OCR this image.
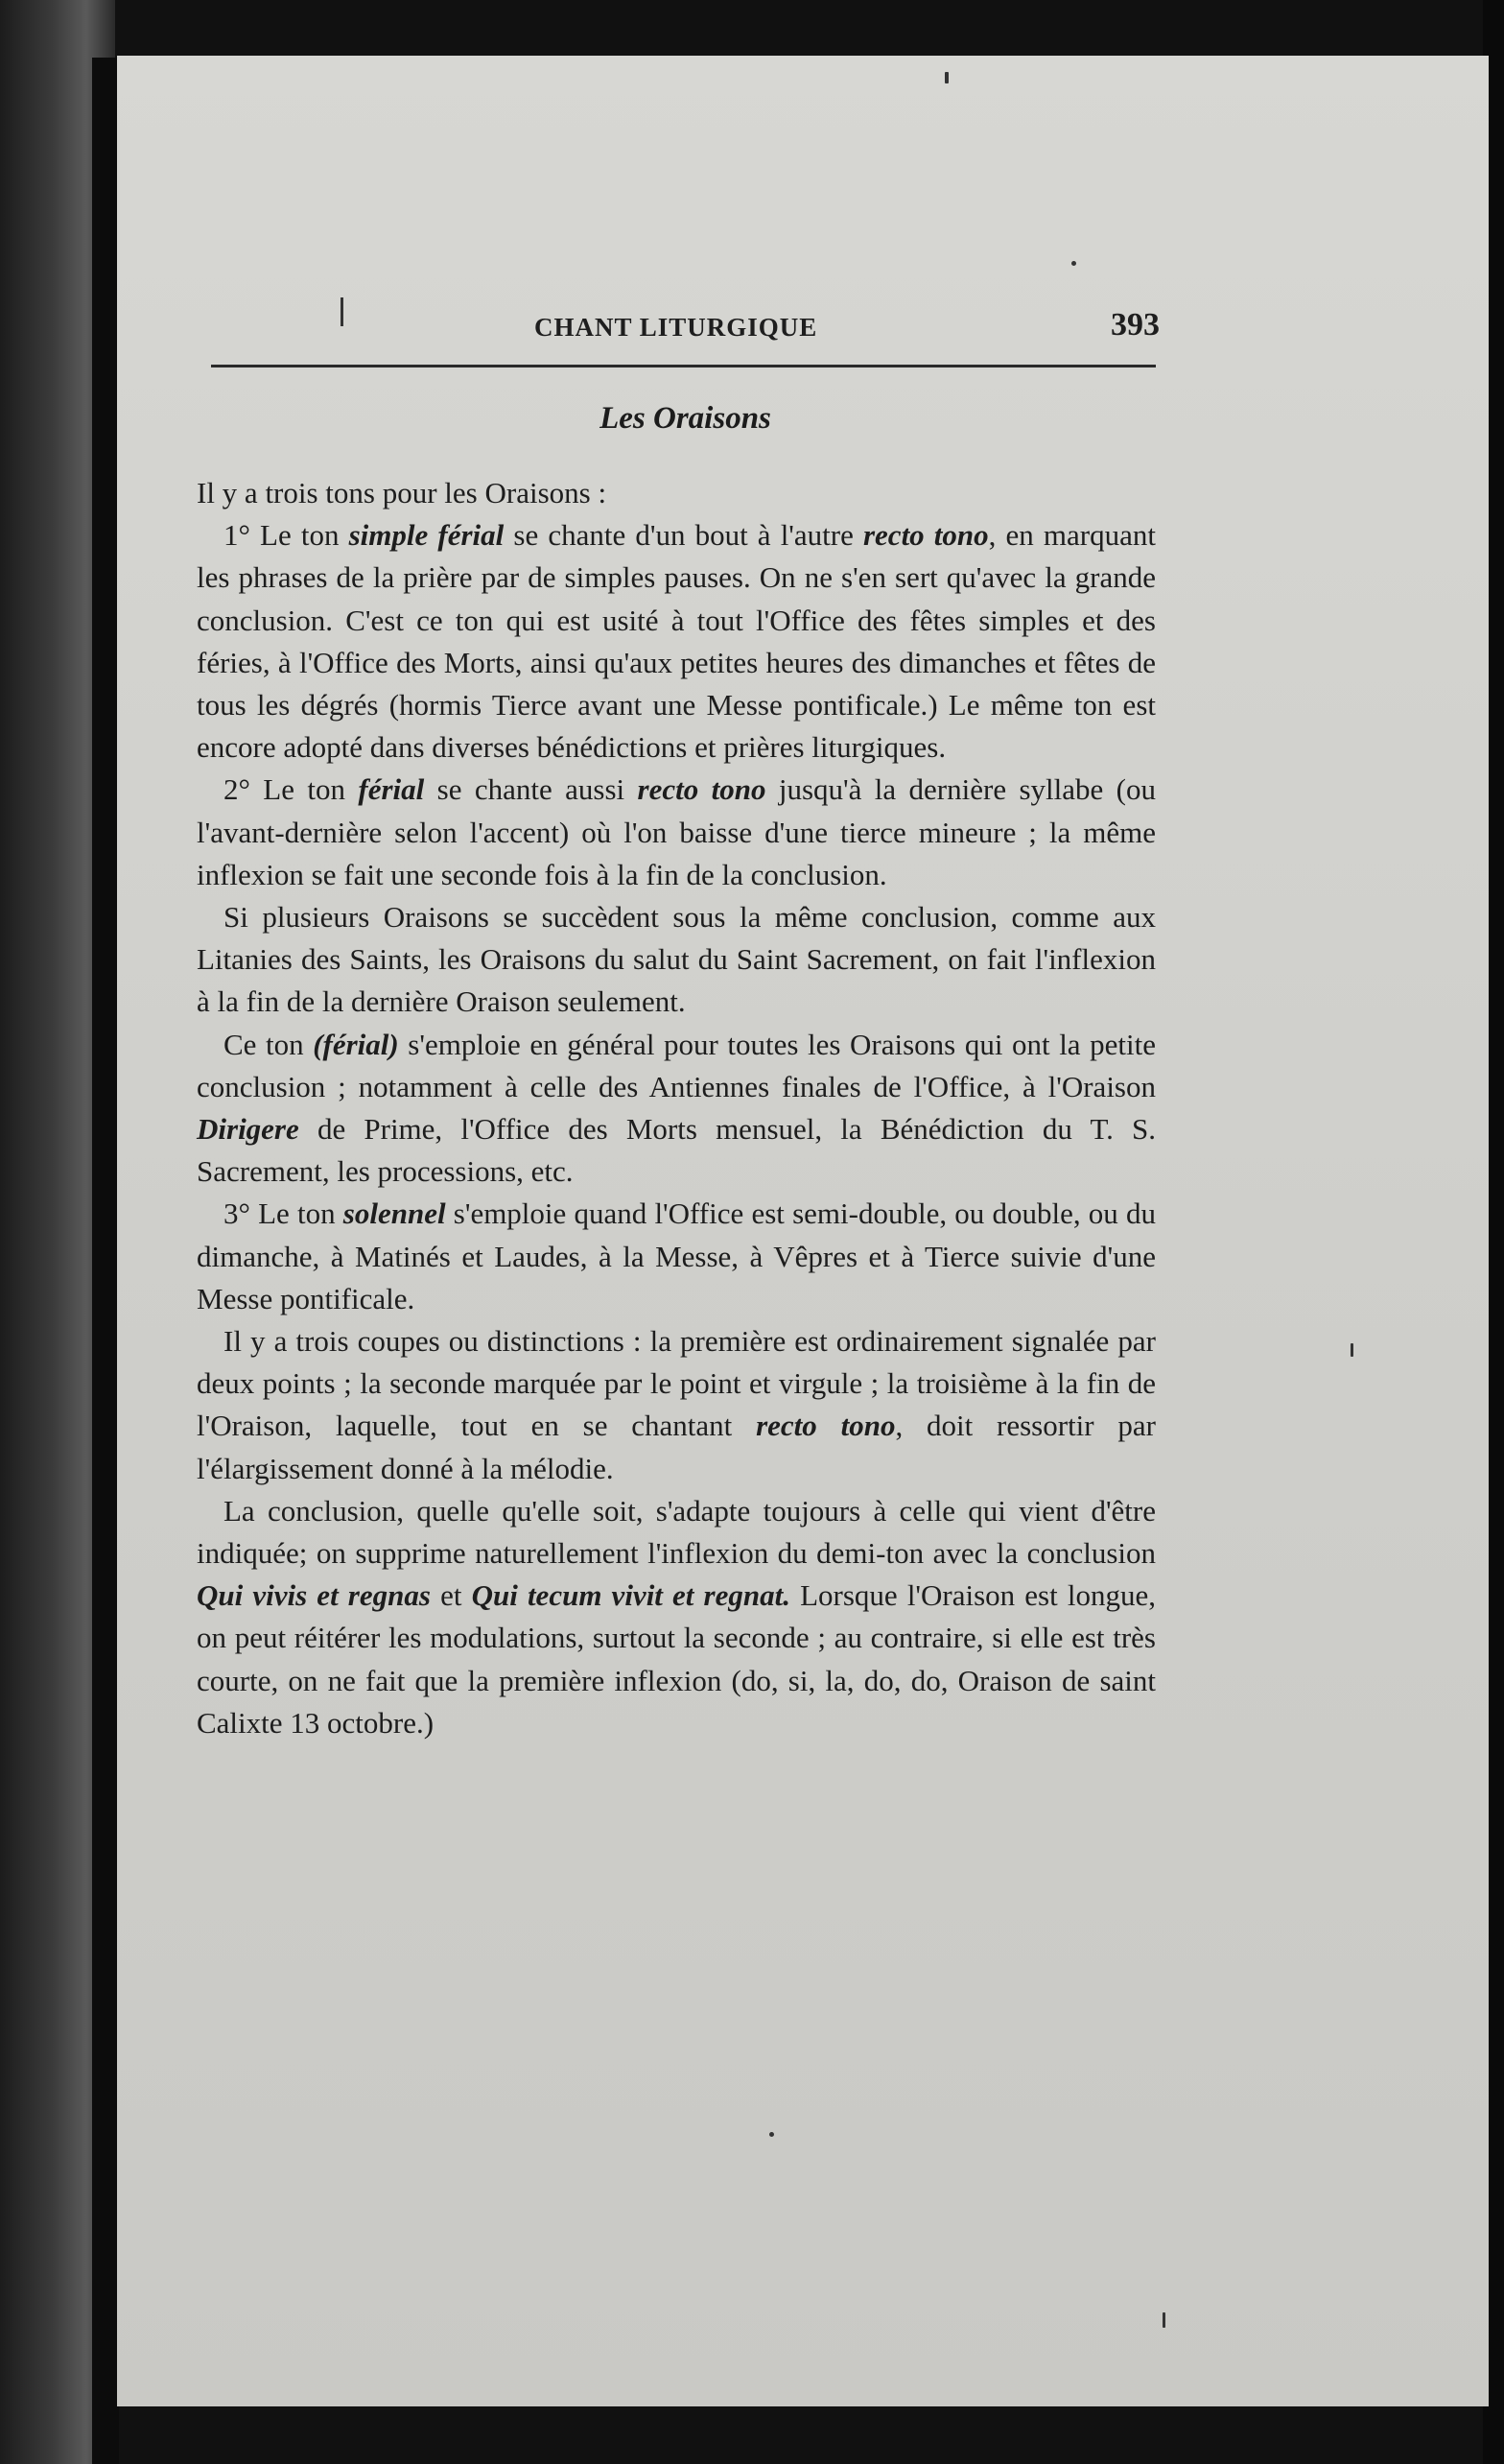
CHANT LITURGIQUE	393
Les Oraisons

Il y a trois tons pour les Oraisons :

1° Le ton simple férial se chante d'un bout à l'autre recto tono, en marquant les phrases de la prière par de simples pauses. On ne s'en sert qu'avec la grande conclusion. C'est ce ton qui est usité à tout l'Office des fêtes simples et des féries, à l'Office des Morts, ainsi qu'aux petites heures des dimanches et fêtes de tous les dégrés (hormis Tierce avant une Messe pontificale.) Le même ton est encore adopté dans diverses bénédictions et prières liturgiques.

2° Le ton férial se chante aussi recto tono jusqu'à la dernière syllabe (ou l'avant-dernière selon l'accent) où l'on baisse d'une tierce mineure ; la même inflexion se fait une seconde fois à la fin de la conclusion.

Si plusieurs Oraisons se succèdent sous la même conclusion, comme aux Litanies des Saints, les Oraisons du salut du Saint Sacrement, on fait l'inflexion à la fin de la dernière Oraison seulement.

Ce ton (férial) s'emploie en général pour toutes les Oraisons qui ont la petite conclusion ; notamment à celle des Antiennes finales de l'Office, à l'Oraison Dirigere de Prime, l'Office des Morts mensuel, la Bénédiction du T. S. Sacrement, les processions, etc.

3° Le ton solennel s'emploie quand l'Office est semi-double, ou double, ou du dimanche, à Matinés et Laudes, à la Messe, à Vêpres et à Tierce suivie d'une Messe pontificale.

Il y a trois coupes ou distinctions : la première est ordinairement signalée par deux points ; la seconde marquée par le point et virgule ; la troisième à la fin de l'Oraison, laquelle, tout en se chantant recto tono, doit ressortir par l'élargissement donné à la mélodie.

La conclusion, quelle qu'elle soit, s'adapte toujours à celle qui vient d'être indiquée; on supprime naturellement l'inflexion du demi-ton avec la conclusion Qui vivis et regnas et Qui tecum vivit et regnat. Lorsque l'Oraison est longue, on peut réitérer les modulations, surtout la seconde ; au contraire, si elle est très courte, on ne fait que la première inflexion (do, si, la, do, do, Oraison de saint Calixte 13 octobre.)
